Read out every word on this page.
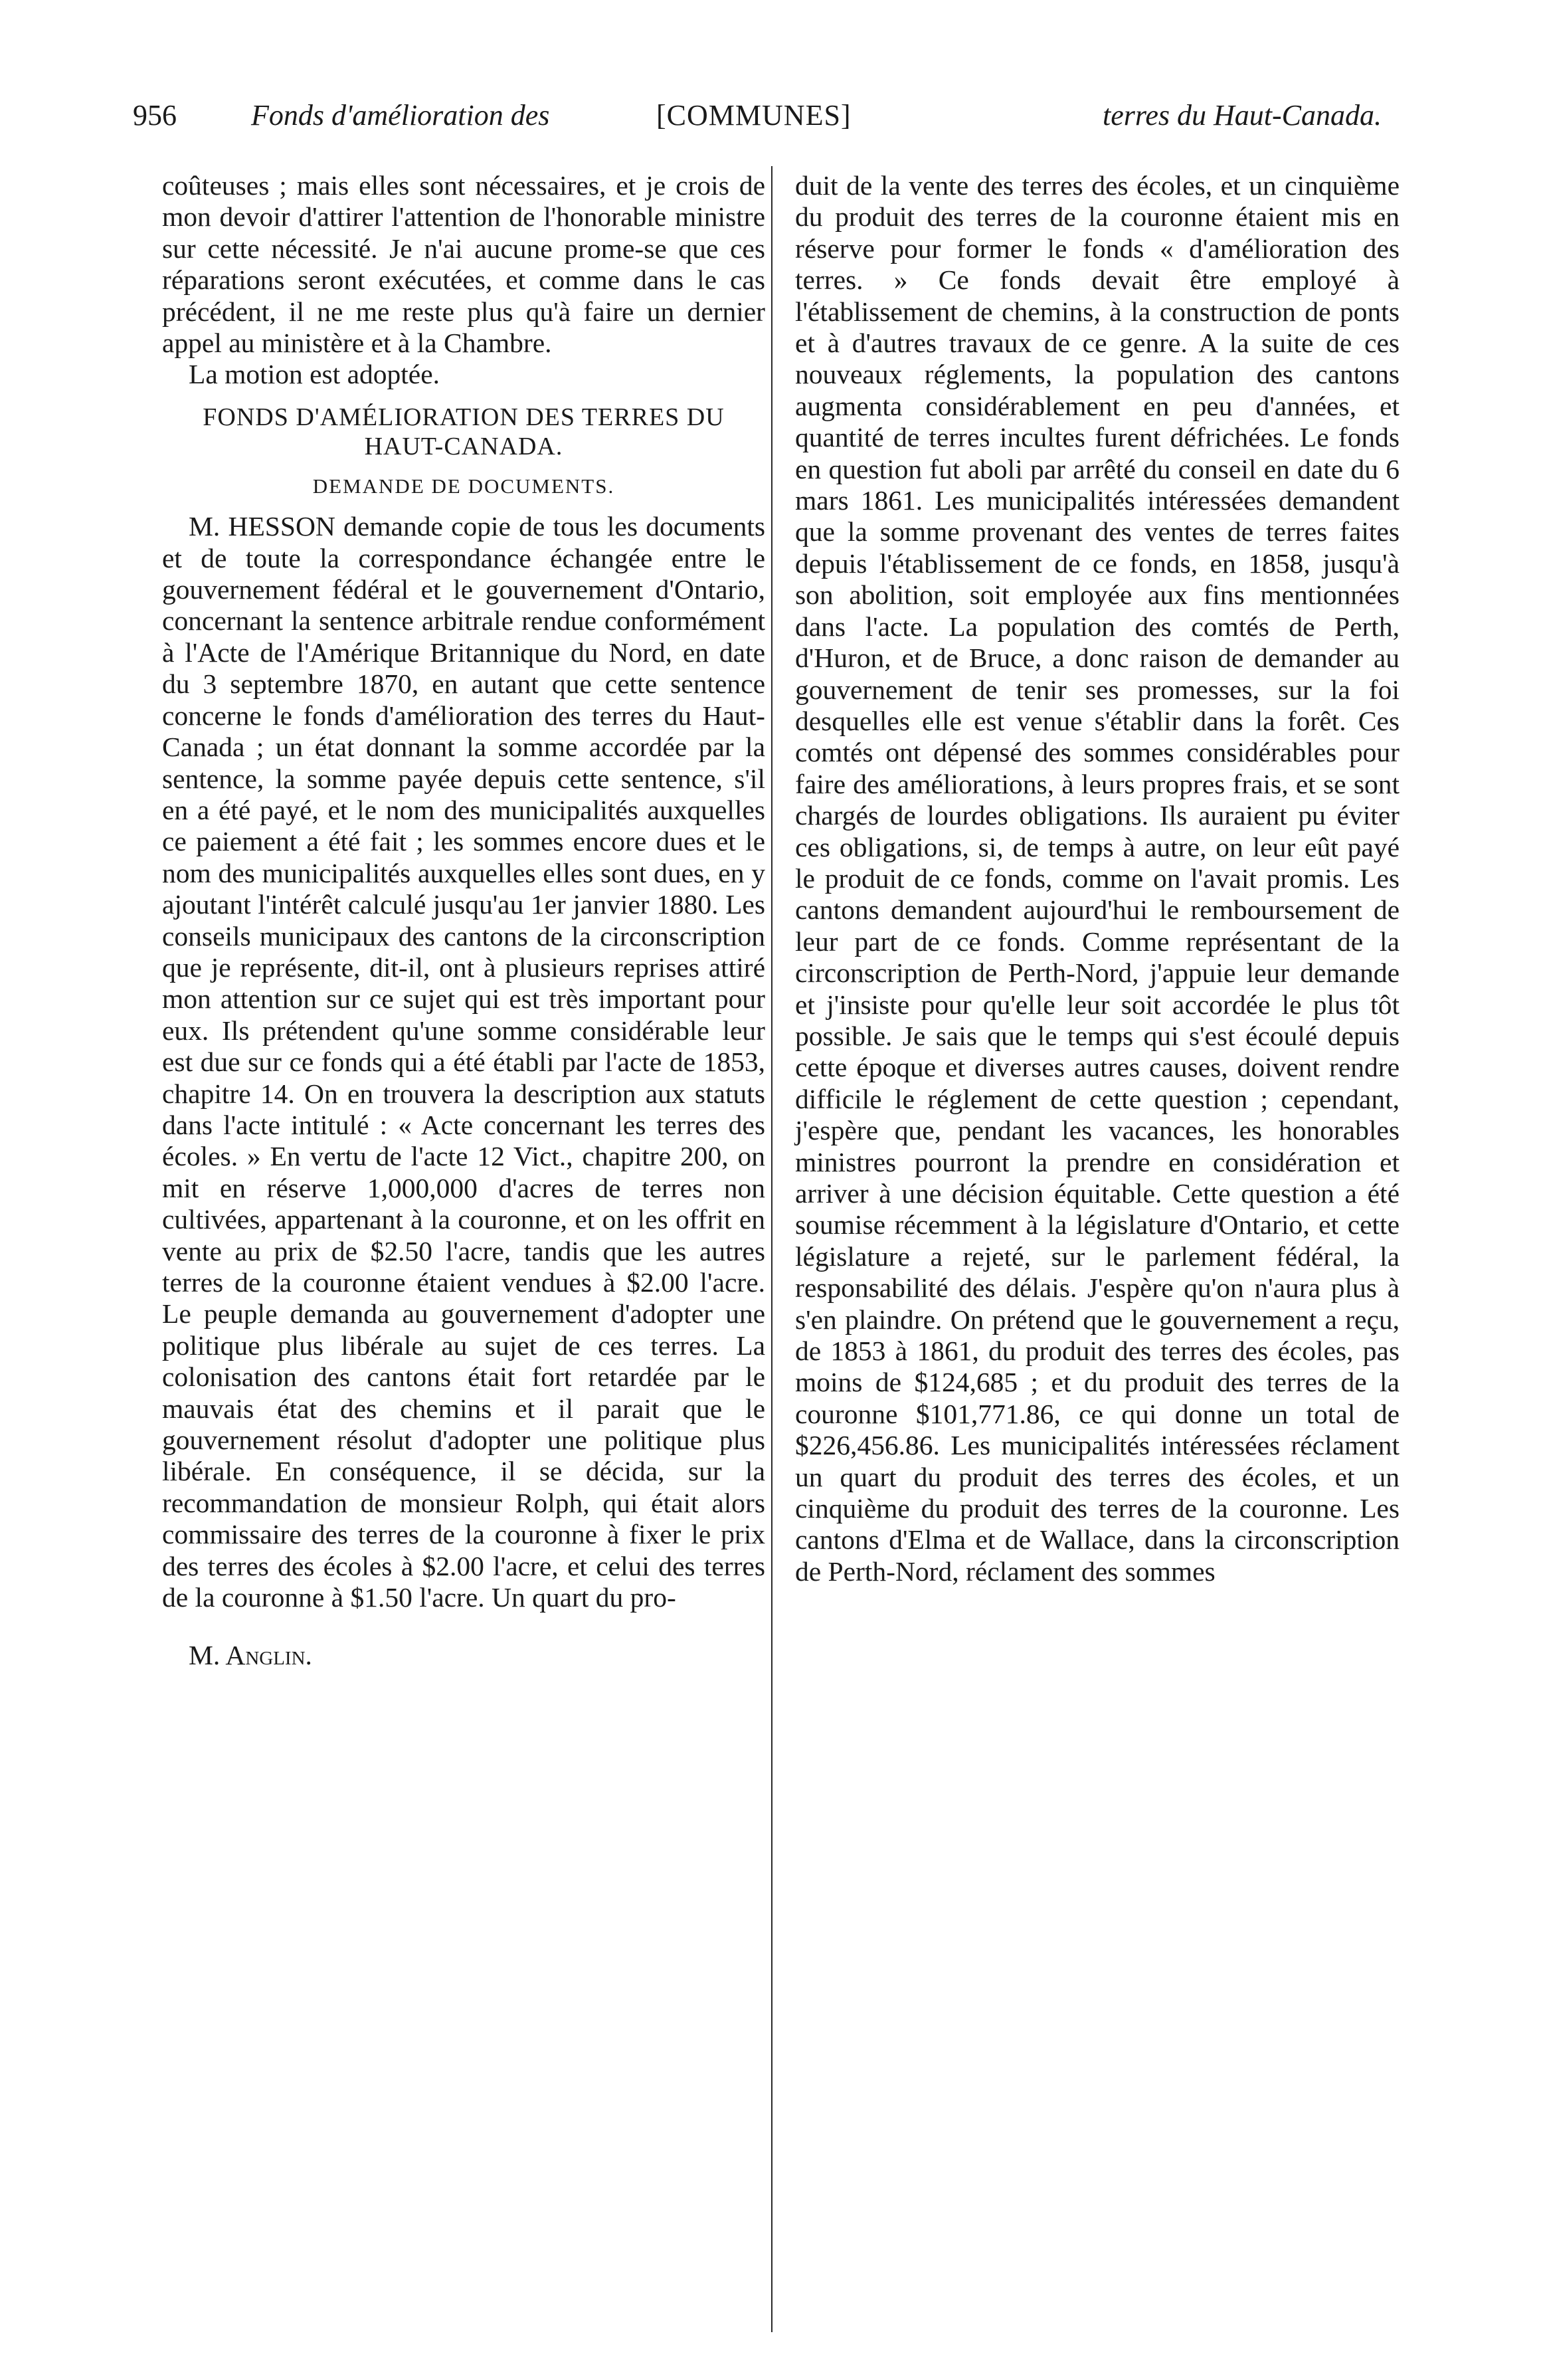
956	Fonds d'amélioration des	[COMMUNES]	terres du Haut-Canada.

coûteuses ; mais elles sont nécessaires, et je crois de mon devoir d'attirer l'attention de l'honorable ministre sur cette nécessité. Je n'ai aucune prome-se que ces réparations seront exécutées, et comme dans le cas précédent, il ne me reste plus qu'à faire un dernier appel au ministère et à la Chambre.

La motion est adoptée.

FONDS D'AMÉLIORATION DES TERRES DU HAUT-CANADA.
DEMANDE DE DOCUMENTS.

M. HESSON demande copie de tous les documents et de toute la correspondance échangée entre le gouvernement fédéral et le gouvernement d'Ontario, concernant la sentence arbitrale rendue conformément à l'Acte de l'Amérique Britannique du Nord, en date du 3 septembre 1870, en autant que cette sentence concerne le fonds d'amélioration des terres du Haut-Canada ; un état donnant la somme accordée par la sentence, la somme payée depuis cette sentence, s'il en a été payé, et le nom des municipalités auxquelles ce paiement a été fait ; les sommes encore dues et le nom des municipalités auxquelles elles sont dues, en y ajoutant l'intérêt calculé jusqu'au 1er janvier 1880. Les conseils municipaux des cantons de la circonscription que je représente, dit-il, ont à plusieurs reprises attiré mon attention sur ce sujet qui est très important pour eux. Ils prétendent qu'une somme considérable leur est due sur ce fonds qui a été établi par l'acte de 1853, chapitre 14. On en trouvera la description aux statuts dans l'acte intitulé : « Acte concernant les terres des écoles. » En vertu de l'acte 12 Vict., chapitre 200, on mit en réserve 1,000,000 d'acres de terres non cultivées, appartenant à la couronne, et on les offrit en vente au prix de $2.50 l'acre, tandis que les autres terres de la couronne étaient vendues à $2.00 l'acre. Le peuple demanda au gouvernement d'adopter une politique plus libérale au sujet de ces terres. La colonisation des cantons était fort retardée par le mauvais état des chemins et il parait que le gouvernement résolut d'adopter une politique plus libérale. En conséquence, il se décida, sur la recommandation de monsieur Rolph, qui était alors commissaire des terres de la couronne à fixer le prix des terres des écoles à $2.00 l'acre, et celui des terres de la couronne à $1.50 l'acre. Un quart du pro-

M. Anglin.

duit de la vente des terres des écoles, et un cinquième du produit des terres de la couronne étaient mis en réserve pour former le fonds « d'amélioration des terres. » Ce fonds devait être employé à l'établissement de chemins, à la construction de ponts et à d'autres travaux de ce genre. A la suite de ces nouveaux réglements, la population des cantons augmenta considérablement en peu d'années, et quantité de terres incultes furent défrichées. Le fonds en question fut aboli par arrêté du conseil en date du 6 mars 1861. Les municipalités intéressées demandent que la somme provenant des ventes de terres faites depuis l'établissement de ce fonds, en 1858, jusqu'à son abolition, soit employée aux fins mentionnées dans l'acte. La population des comtés de Perth, d'Huron, et de Bruce, a donc raison de demander au gouvernement de tenir ses promesses, sur la foi desquelles elle est venue s'établir dans la forêt. Ces comtés ont dépensé des sommes considérables pour faire des améliorations, à leurs propres frais, et se sont chargés de lourdes obligations. Ils auraient pu éviter ces obligations, si, de temps à autre, on leur eût payé le produit de ce fonds, comme on l'avait promis. Les cantons demandent aujourd'hui le remboursement de leur part de ce fonds. Comme représentant de la circonscription de Perth-Nord, j'appuie leur demande et j'insiste pour qu'elle leur soit accordée le plus tôt possible. Je sais que le temps qui s'est écoulé depuis cette époque et diverses autres causes, doivent rendre difficile le réglement de cette question ; cependant, j'espère que, pendant les vacances, les honorables ministres pourront la prendre en considération et arriver à une décision équitable. Cette question a été soumise récemment à la législature d'Ontario, et cette législature a rejeté, sur le parlement fédéral, la responsabilité des délais. J'espère qu'on n'aura plus à s'en plaindre. On prétend que le gouvernement a reçu, de 1853 à 1861, du produit des terres des écoles, pas moins de $124,685 ; et du produit des terres de la couronne $101,771.86, ce qui donne un total de $226,456.86. Les municipalités intéressées réclament un quart du produit des terres des écoles, et un cinquième du produit des terres de la couronne. Les cantons d'Elma et de Wallace, dans la circonscription de Perth-Nord, réclament des sommes
